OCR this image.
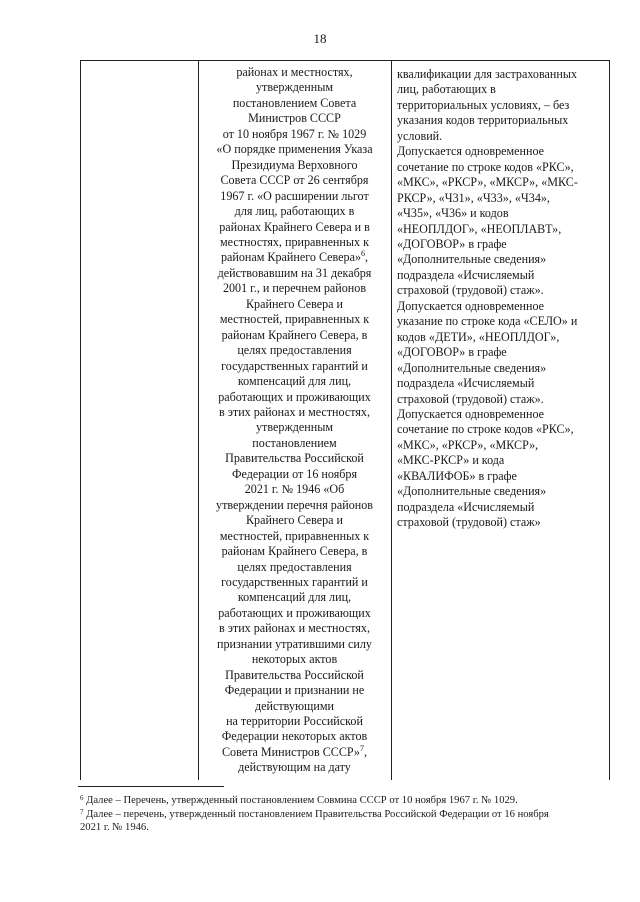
18
районах и местностях,
утвержденным
постановлением Совета
Министров СССР
от 10 ноября 1967 г. № 1029
«О порядке применения Указа
Президиума Верховного
Совета СССР от 26 сентября
1967 г. «О расширении льгот
для лиц, работающих в
районах Крайнего Севера и в
местностях, приравненных к
районам Крайнего Севера»$^6$,
действовавшим на 31 декабря
2001 г., и перечнем районов
Крайнего Севера и
местностей, приравненных к
районам Крайнего Севера, в
целях предоставления
государственных гарантий и
компенсаций для лиц,
работающих и проживающих
в этих районах и местностях,
утвержденным
постановлением
Правительства Российской
Федерации от 16 ноября
2021 г. № 1946 «Об
утверждении перечня районов
Крайнего Севера и
местностей, приравненных к
районам Крайнего Севера, в
целях предоставления
государственных гарантий и
компенсаций для лиц,
работающих и проживающих
в этих районах и местностях,
признании утратившими силу
некоторых актов
Правительства Российской
Федерации и признании не
действующими
на территории Российской
Федерации некоторых актов
Совета Министров СССР»$^7$,
действующим на дату
квалификации для застрахованных
лиц, работающих в
территориальных условиях, – без
указания кодов территориальных
условий.
Допускается одновременное
сочетание по строке кодов «РКС»,
«МКС», «РКСР», «МКСР», «МКС-
РКСР», «Ч31», «Ч33», «Ч34»,
«Ч35», «Ч36» и кодов
«НЕОПЛДОГ», «НЕОПЛАВТ»,
«ДОГОВОР» в графе
«Дополнительные сведения»
подраздела «Исчисляемый
страховой (трудовой) стаж».
Допускается одновременное
указание по строке кода «СЕЛО» и
кодов «ДЕТИ», «НЕОПЛДОГ»,
«ДОГОВОР» в графе
«Дополнительные сведения»
подраздела «Исчисляемый
страховой (трудовой) стаж».
Допускается одновременное
сочетание по строке кодов «РКС»,
«МКС», «РКСР», «МКСР»,
«МКС-РКСР» и кода
«КВАЛИФОБ» в графе
«Дополнительные сведения»
подраздела «Исчисляемый
страховой (трудовой) стаж»
$^6$ Далее – Перечень, утвержденный постановлением Совмина СССР от 10 ноября 1967 г. № 1029.
$^7$ Далее – перечень, утвержденный постановлением Правительства Российской Федерации от 16 ноября
2021 г. № 1946.
